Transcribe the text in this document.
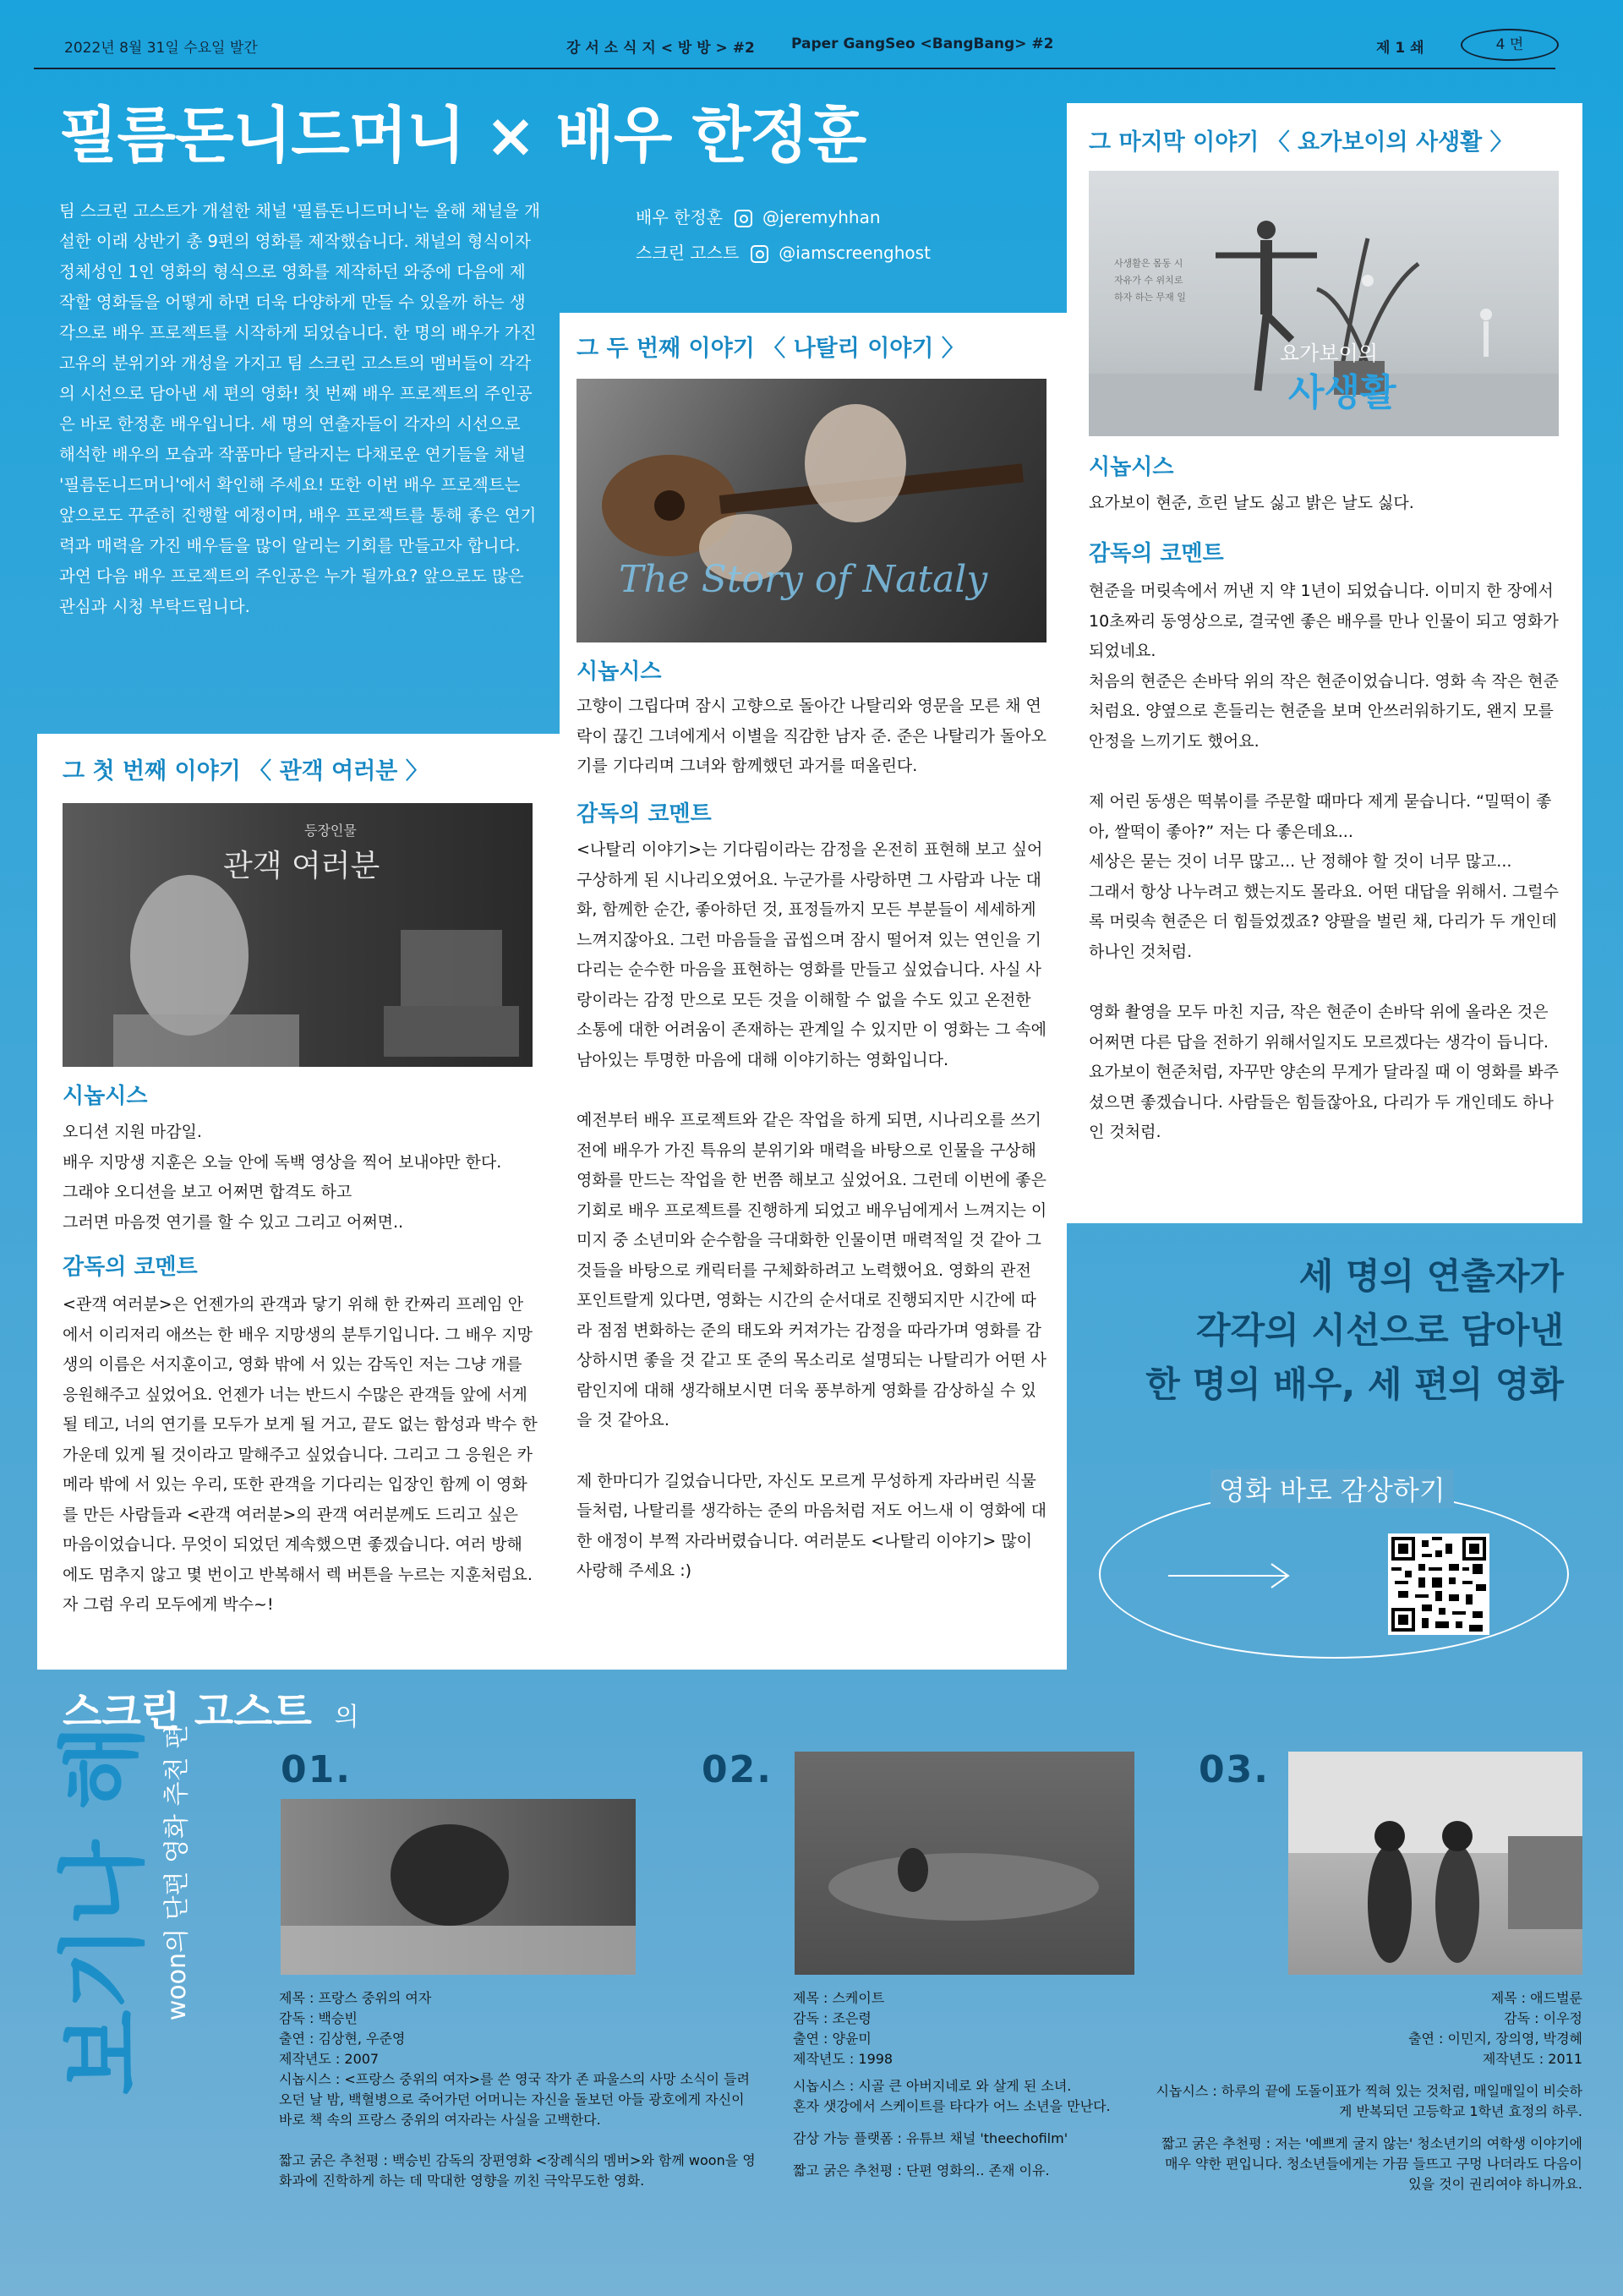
2022년 8월 31일 수요일 발간	강 서 소 식 지 < 방 방 > #2	Paper GangSeo <BangBang> #2	제 1 쇄	4 면
필름돈니드머니 × 배우 한정훈
팀 스크린 고스트가 개설한 채널 '필름돈니드머니'는 올해 채널을 개설한 이래 상반기 총 9편의 영화를 제작했습니다. 채널의 형식이자 정체성인 1인 영화의 형식으로 영화를 제작하던 와중에 다음에 제작할 영화들을 어떻게 하면 더욱 다양하게 만들 수 있을까 하는 생각으로 배우 프로젝트를 시작하게 되었습니다. 한 명의 배우가 가진 고유의 분위기와 개성을 가지고 팀 스크린 고스트의 멤버들이 각각의 시선으로 담아낸 세 편의 영화! 첫 번째 배우 프로젝트의 주인공은 바로 한정훈 배우입니다. 세 명의 연출자들이 각자의 시선으로 해석한 배우의 모습과 작품마다 달라지는 다채로운 연기들을 채널 '필름돈니드머니'에서 확인해 주세요! 또한 이번 배우 프로젝트는 앞으로도 꾸준히 진행할 예정이며, 배우 프로젝트를 통해 좋은 연기력과 매력을 가진 배우들을 많이 알리는 기회를 만들고자 합니다. 과연 다음 배우 프로젝트의 주인공은 누가 될까요? 앞으로도 많은 관심과 시청 부탁드립니다.
배우 한정훈 @jeremyhhan
스크린 고스트 @iamscreenghost
그 마지막 이야기 〈 요가보이의 사생활 〉
사생활은 몸동 시 자유가 수 위치로 하자 하는 무재 일
요가보이의
사생활
시놉시스
요가보이 현준, 흐린 날도 싫고 밝은 날도 싫다.
감독의 코멘트
현준을 머릿속에서 꺼낸 지 약 1년이 되었습니다. 이미지 한 장에서 10초짜리 동영상으로, 결국엔 좋은 배우를 만나 인물이 되고 영화가 되었네요.
처음의 현준은 손바닥 위의 작은 현준이었습니다. 영화 속 작은 현준처럼요. 양옆으로 흔들리는 현준을 보며 안쓰러워하기도, 왠지 모를 안정을 느끼기도 했어요.
제 어린 동생은 떡볶이를 주문할 때마다 제게 묻습니다. “밀떡이 좋아, 쌀떡이 좋아?” 저는 다 좋은데요...
세상은 묻는 것이 너무 많고... 난 정해야 할 것이 너무 많고...
그래서 항상 나누려고 했는지도 몰라요. 어떤 대답을 위해서. 그럴수록 머릿속 현준은 더 힘들었겠죠? 양팔을 벌린 채, 다리가 두 개인데 하나인 것처럼.
영화 촬영을 모두 마친 지금, 작은 현준이 손바닥 위에 올라온 것은 어쩌면 다른 답을 전하기 위해서일지도 모르겠다는 생각이 듭니다.
요가보이 현준처럼, 자꾸만 양손의 무게가 달라질 때 이 영화를 봐주셨으면 좋겠습니다. 사람들은 힘들잖아요, 다리가 두 개인데도 하나인 것처럼.
그 두 번째 이야기 〈 나탈리 이야기 〉
The Story of Nataly
시놉시스
고향이 그립다며 잠시 고향으로 돌아간 나탈리와 영문을 모른 채 연락이 끊긴 그녀에게서 이별을 직감한 남자 준. 준은 나탈리가 돌아오기를 기다리며 그녀와 함께했던 과거를 떠올린다.
감독의 코멘트
<나탈리 이야기>는 기다림이라는 감정을 온전히 표현해 보고 싶어 구상하게 된 시나리오였어요. 누군가를 사랑하면 그 사람과 나눈 대화, 함께한 순간, 좋아하던 것, 표정들까지 모든 부분들이 세세하게 느껴지잖아요. 그런 마음들을 곱씹으며 잠시 떨어져 있는 연인을 기다리는 순수한 마음을 표현하는 영화를 만들고 싶었습니다. 사실 사랑이라는 감정 만으로 모든 것을 이해할 수 없을 수도 있고 온전한 소통에 대한 어려움이 존재하는 관계일 수 있지만 이 영화는 그 속에 남아있는 투명한 마음에 대해 이야기하는 영화입니다.
예전부터 배우 프로젝트와 같은 작업을 하게 되면, 시나리오를 쓰기 전에 배우가 가진 특유의 분위기와 매력을 바탕으로 인물을 구상해 영화를 만드는 작업을 한 번쯤 해보고 싶었어요. 그런데 이번에 좋은 기회로 배우 프로젝트를 진행하게 되었고 배우님에게서 느껴지는 이미지 중 소년미와 순수함을 극대화한 인물이면 매력적일 것 같아 그것들을 바탕으로 캐릭터를 구체화하려고 노력했어요. 영화의 관전 포인트랄게 있다면, 영화는 시간의 순서대로 진행되지만 시간에 따라 점점 변화하는 준의 태도와 커져가는 감정을 따라가며 영화를 감상하시면 좋을 것 같고 또 준의 목소리로 설명되는 나탈리가 어떤 사람인지에 대해 생각해보시면 더욱 풍부하게 영화를 감상하실 수 있을 것 같아요.
제 한마디가 길었습니다만, 자신도 모르게 무성하게 자라버린 식물들처럼, 나탈리를 생각하는 준의 마음처럼 저도 어느새 이 영화에 대한 애정이 부쩍 자라버렸습니다. 여러분도 <나탈리 이야기> 많이 사랑해 주세요 :)
그 첫 번째 이야기 〈 관객 여러분 〉
등장인물
관객 여러분
시놉시스
오디션 지원 마감일.
배우 지망생 지훈은 오늘 안에 독백 영상을 찍어 보내야만 한다.
그래야 오디션을 보고 어쩌면 합격도 하고
그러면 마음껏 연기를 할 수 있고 그리고 어쩌면..
감독의 코멘트
<관객 여러분>은 언젠가의 관객과 닿기 위해 한 칸짜리 프레임 안에서 이리저리 애쓰는 한 배우 지망생의 분투기입니다. 그 배우 지망생의 이름은 서지훈이고, 영화 밖에 서 있는 감독인 저는 그냥 개를 응원해주고 싶었어요. 언젠가 너는 반드시 수많은 관객들 앞에 서게 될 테고, 너의 연기를 모두가 보게 될 거고, 끝도 없는 함성과 박수 한 가운데 있게 될 것이라고 말해주고 싶었습니다. 그리고 그 응원은 카메라 밖에 서 있는 우리, 또한 관객을 기다리는 입장인 함께 이 영화를 만든 사람들과 <관객 여러분>의 관객 여러분께도 드리고 싶은 마음이었습니다. 무엇이 되었던 계속했으면 좋겠습니다. 여러 방해에도 멈추지 않고 몇 번이고 반복해서 렉 버튼을 누르는 지훈처럼요. 자 그럼 우리 모두에게 박수~!
세 명의 연출자가
각각의 시선으로 담아낸
한 명의 배우, 세 편의 영화
영화 바로 감상하기
스크린 고스트 의
보기나 해 woon의 단편 영화 추천 편 01.
제목 : 프랑스 중위의 여자
감독 : 백승빈
출연 : 김상현, 우준영
제작년도 : 2007
시놉시스 : <프랑스 중위의 여자>를 쓴 영국 작가 존 파울스의 사망 소식이 들려오던 날 밤, 백혈병으로 죽어가던 어머니는 자신을 돌보던 아들 광호에게 자신이 바로 책 속의 프랑스 중위의 여자라는 사실을 고백한다.
짧고 굵은 추천평 : 백승빈 감독의 장편영화 <장례식의 멤버>와 함께 woon을 영화과에 진학하게 하는 데 막대한 영향을 끼친 극악무도한 영화.
02.
제목 : 스케이트
감독 : 조은령
출연 : 양윤미
제작년도 : 1998
시놉시스 : 시골 큰 아버지네로 와 살게 된 소녀.
혼자 샛강에서 스케이트를 타다가 어느 소년을 만난다.
감상 가능 플랫폼 : 유튜브 채널 'theechofilm'
짧고 굵은 추천평 : 단편 영화의.. 존재 이유.
03.
제목 : 애드벌룬
감독 : 이우정
출연 : 이민지, 장의영, 박경혜
제작년도 : 2011
시놉시스 : 하루의 끝에 도돌이표가 찍혀 있는 것처럼, 매일매일이 비슷하게 반복되던 고등학교 1학년 효정의 하루.
짧고 굵은 추천평 : 저는 '예쁘게 굴지 않는' 청소년기의 여학생 이야기에 매우 약한 편입니다. 청소년들에게는 가끔 들뜨고 구멍 나더라도 다음이 있을 것이 권리여야 하니까요.
